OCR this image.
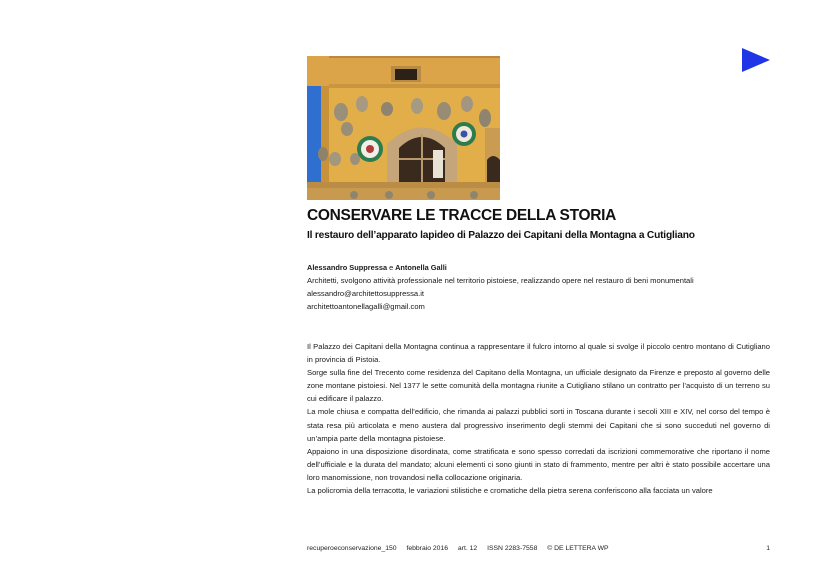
CONSERVARE LE TRACCE DELLA STORIA
Il restauro dell’apparato lapideo di Palazzo dei Capitani della Montagna a Cutigliano
Alessandro Suppressa e Antonella Galli
Architetti, svolgono attività professionale nel territorio pistoiese, realizzando opere nel restauro di beni monumentali
alessandro@architettosuppressa.it
architettoantonellagalli@gmail.com

Il Palazzo dei Capitani della Montagna continua a rappresentare il fulcro intorno al quale si svolge il piccolo centro montano di Cutigliano in provincia di Pistoia.

Sorge sulla fine del Trecento come residenza del Capitano della Montagna, un ufficiale designato da Firenze e preposto al governo delle zone montane pistoiesi. Nel 1377 le sette comunità della montagna riunite a Cutigliano stilano un contratto per l’acquisto di un terreno su cui edificare il palazzo.

La mole chiusa e compatta dell’edificio, che rimanda ai palazzi pubblici sorti in Toscana durante i secoli XIII e XIV, nel corso del tempo è stata resa più articolata e meno austera dal progressivo inserimento degli stemmi dei Capitani che si sono succeduti nel governo di un’ampia parte della montagna pistoiese.

Appaiono in una disposizione disordinata, come stratificata e sono spesso corredati da iscrizioni commemorative che riportano il nome dell’ufficiale e la durata del mandato; alcuni elementi ci sono giunti in stato di frammento, mentre per altri è stato possibile accertare una loro manomissione, non trovandosi nella collocazione originaria.

La policromia della terracotta, le variazioni stilistiche e cromatiche della pietra serena conferiscono alla facciata un valore

recuperoeconservazione_150 febbraio 2016 art. 12 ISSN 2283-7558 © DE LETTERA WP	1
